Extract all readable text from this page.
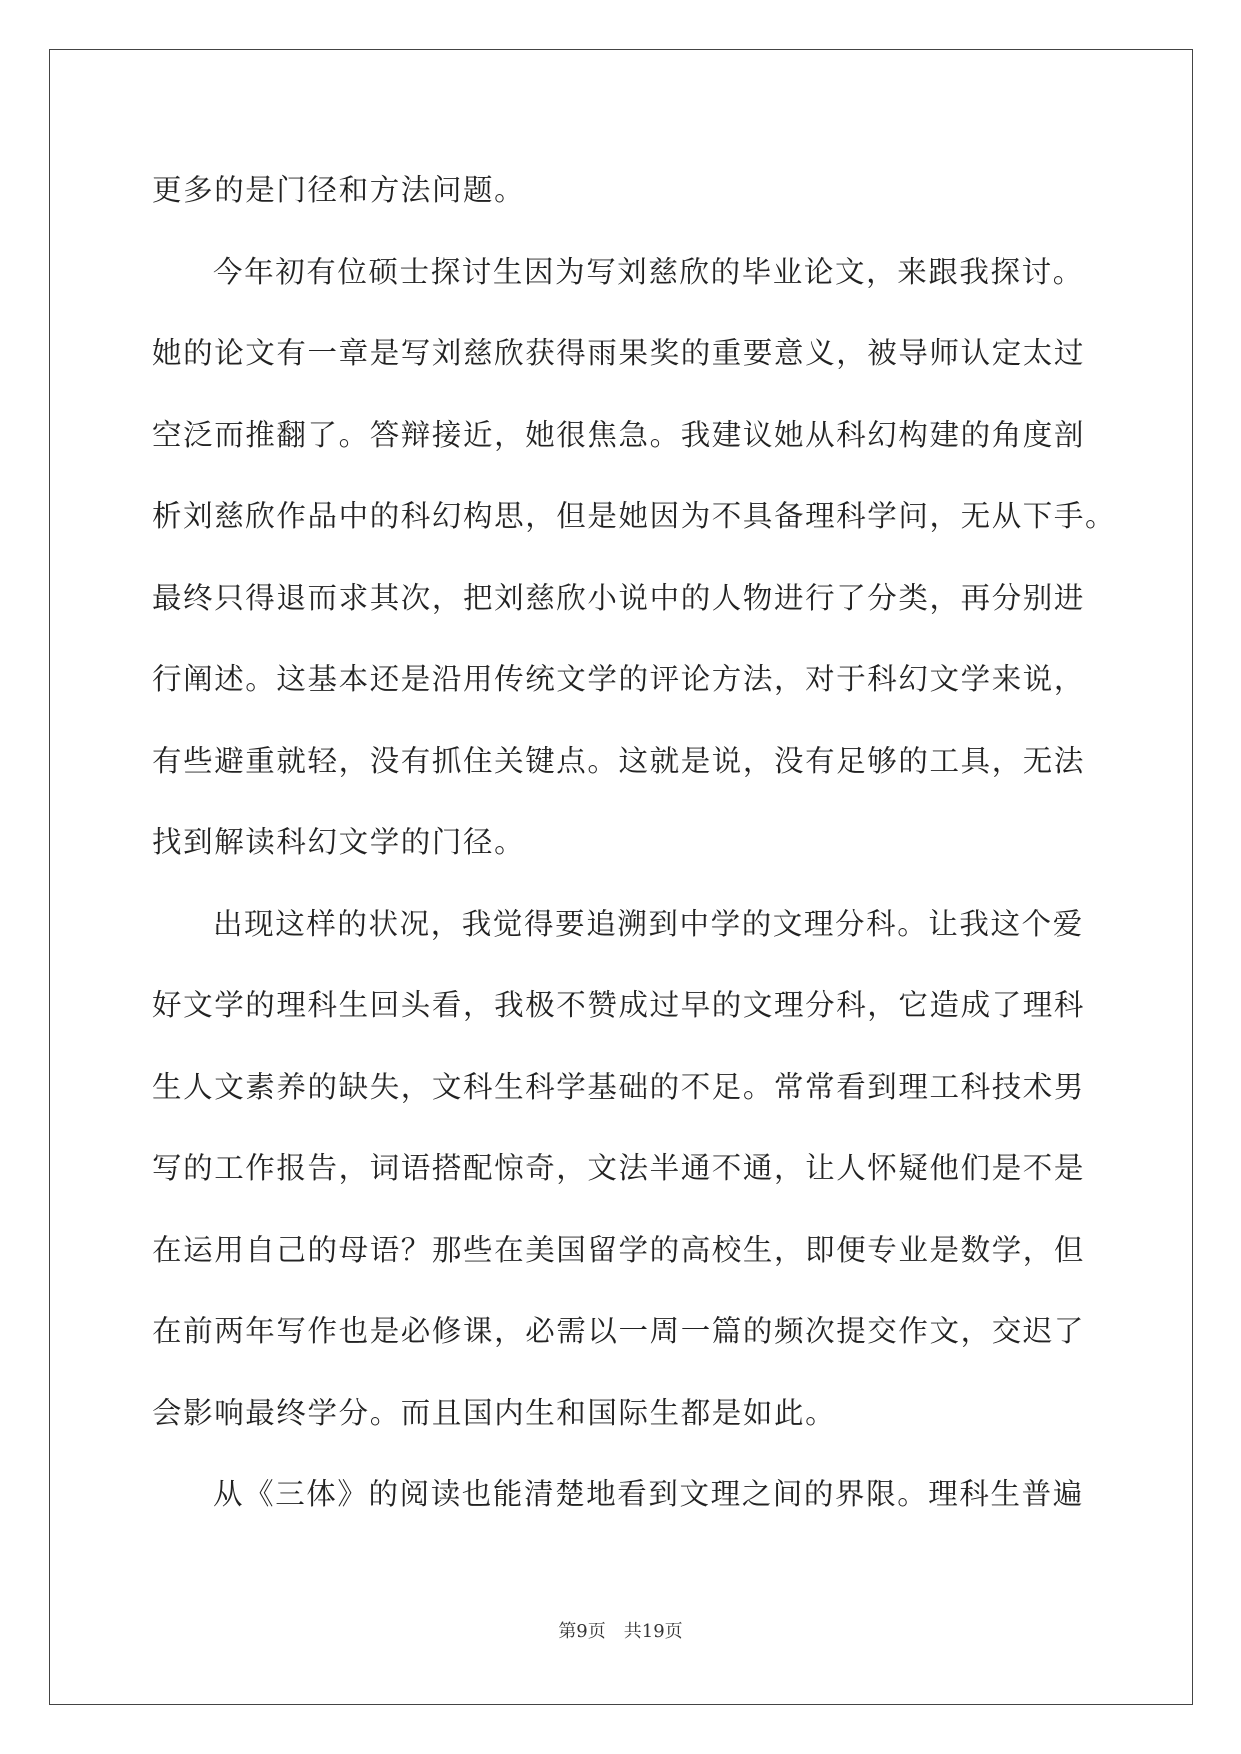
更多的是门径和方法问题。
今年初有位硕士探讨生因为写刘慈欣的毕业论文，来跟我探讨。
她的论文有一章是写刘慈欣获得雨果奖的重要意义，被导师认定太过
空泛而推翻了。答辩接近，她很焦急。我建议她从科幻构建的角度剖
析刘慈欣作品中的科幻构思，但是她因为不具备理科学问，无从下手。
最终只得退而求其次，把刘慈欣小说中的人物进行了分类，再分别进
行阐述。这基本还是沿用传统文学的评论方法，对于科幻文学来说，
有些避重就轻，没有抓住关键点。这就是说，没有足够的工具，无法
找到解读科幻文学的门径。
出现这样的状况，我觉得要追溯到中学的文理分科。让我这个爱
好文学的理科生回头看，我极不赞成过早的文理分科，它造成了理科
生人文素养的缺失，文科生科学基础的不足。常常看到理工科技术男
写的工作报告，词语搭配惊奇，文法半通不通，让人怀疑他们是不是
在运用自己的母语？那些在美国留学的高校生，即便专业是数学，但
在前两年写作也是必修课，必需以一周一篇的频次提交作文，交迟了
会影响最终学分。而且国内生和国际生都是如此。
从《三体》的阅读也能清楚地看到文理之间的界限。理科生普遍
第9页 共19页
